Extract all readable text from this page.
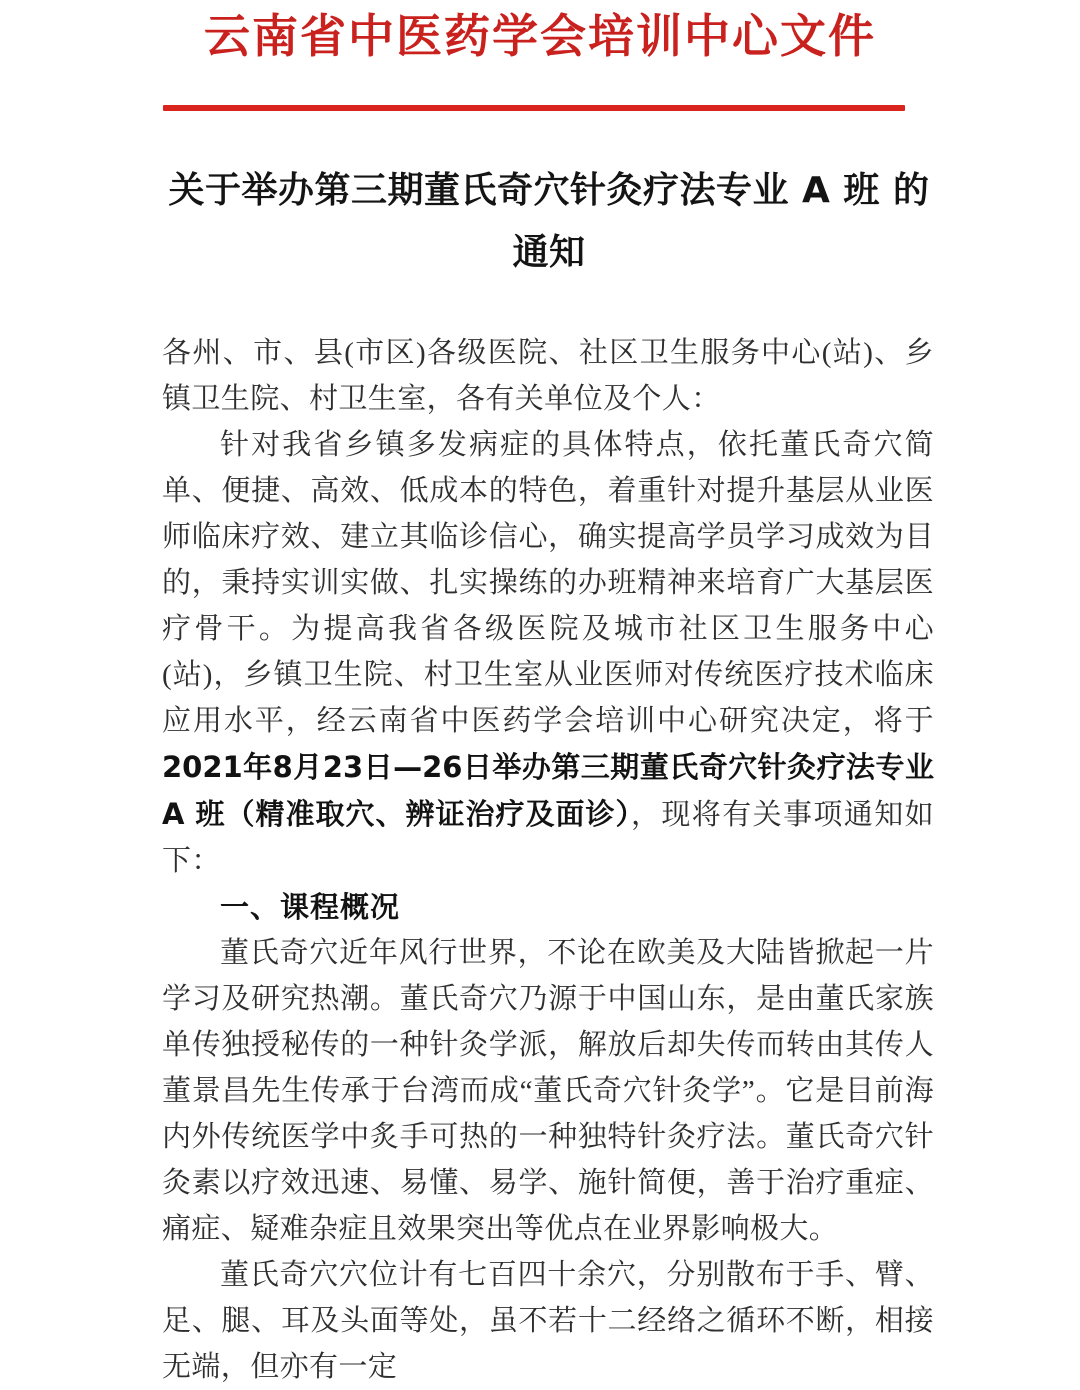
云南省中医药学会培训中心文件
关于举办第三期董氏奇穴针灸疗法专业 A 班 的通知

各州、市、县(市区)各级医院、社区卫生服务中心(站)、乡镇卫生院、村卫生室，各有关单位及个人：

针对我省乡镇多发病症的具体特点，依托董氏奇穴简单、便捷、高效、低成本的特色，着重针对提升基层从业医师临床疗效、建立其临诊信心，确实提高学员学习成效为目的，秉持实训实做、扎实操练的办班精神来培育广大基层医疗骨干。为提高我省各级医院及城市社区卫生服务中心(站)，乡镇卫生院、村卫生室从业医师对传统医疗技术临床应用水平，经云南省中医药学会培训中心研究决定，将于2021年8月23日—26日举办第三期董氏奇穴针灸疗法专业 A 班（精准取穴、辨证治疗及面诊），现将有关事项通知如下：

一、课程概况

董氏奇穴近年风行世界，不论在欧美及大陆皆掀起一片学习及研究热潮。董氏奇穴乃源于中国山东，是由董氏家族单传独授秘传的一种针灸学派，解放后却失传而转由其传人董景昌先生传承于台湾而成“董氏奇穴针灸学”。它是目前海内外传统医学中炙手可热的一种独特针灸疗法。董氏奇穴针灸素以疗效迅速、易懂、易学、施针简便，善于治疗重症、痛症、疑难杂症且效果突出等优点在业界影响极大。

董氏奇穴穴位计有七百四十余穴，分别散布于手、臂、足、腿、耳及头面等处，虽不若十二经络之循环不断，相接无端，但亦有一定
